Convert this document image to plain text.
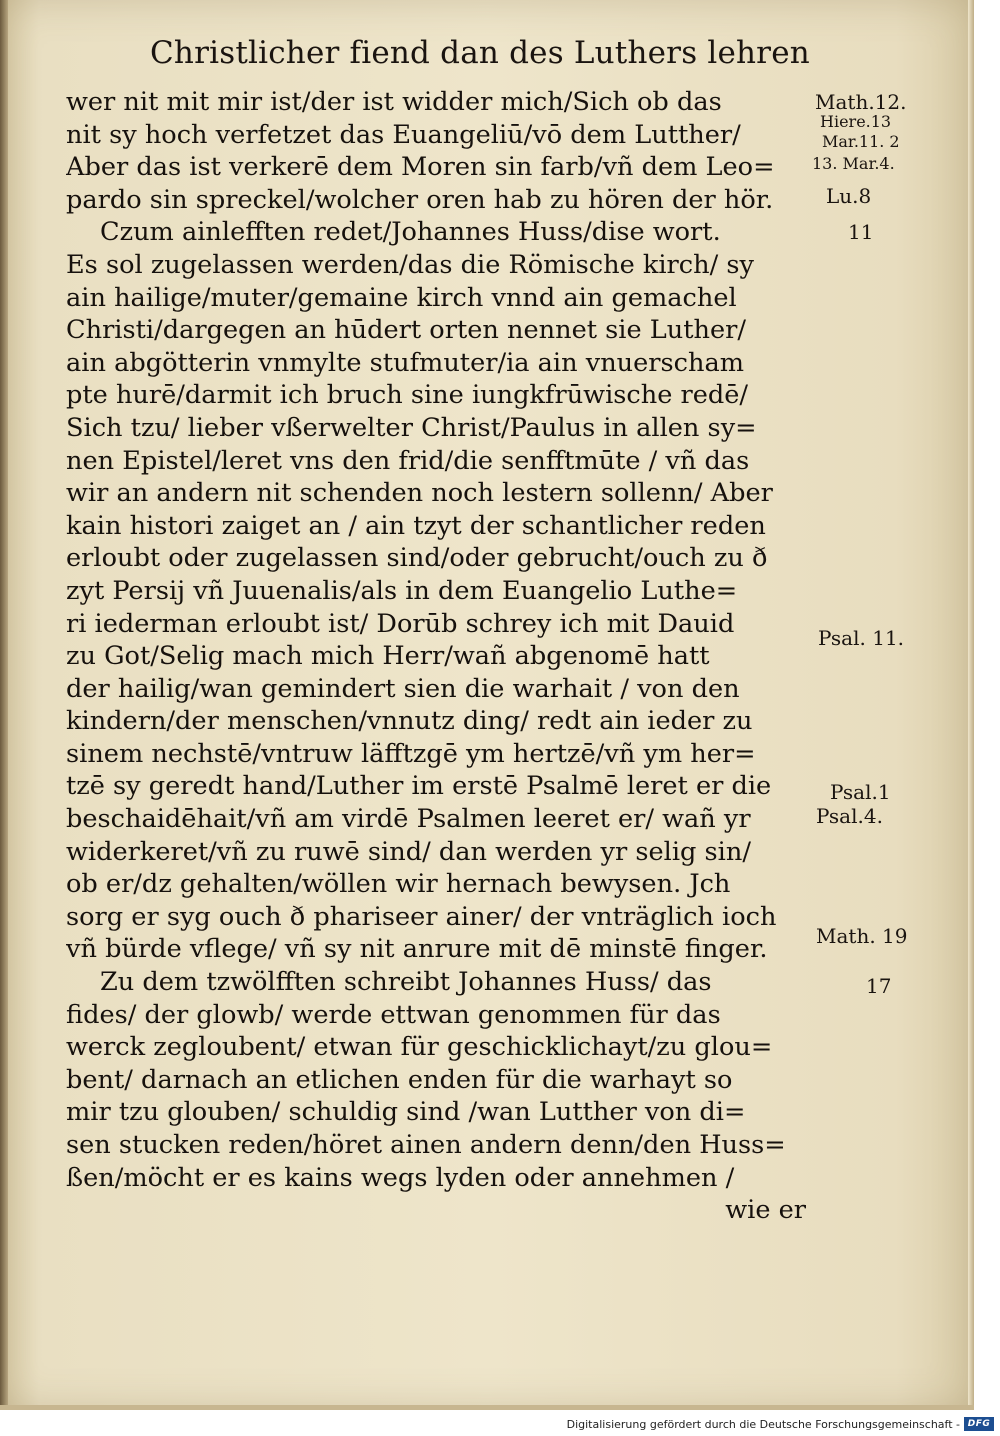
Christlicher fiend dan des Luthers lehren
wer nit mit mir ist/der ist widder mich/Sich ob das
nit sy hoch verfetzet das Euangeliū/vō dem Lutther/
Aber das ist verkerē dem Moren sin farb/vñ dem Leo=
pardo sin spreckel/wolcher oren hab zu hören der hör.
Czum ainlefften redet/Johannes Huss/dise wort.
Es sol zugelassen werden/das die Römische kirch/ sy
ain hailige/muter/gemaine kirch vnnd ain gemachel
Christi/dargegen an hūdert orten nennet sie Luther/
ain abgötterin vnmylte stufmuter/ia ain vnuerscham
pte hurē/darmit ich bruch sine iungkfrūwische redē/
Sich tzu/ lieber vßerwelter Christ/Paulus in allen sy=
nen Epistel/leret vns den frid/die senfftmūte / vñ das
wir an andern nit schenden noch lestern sollenn/ Aber
kain histori zaiget an / ain tzyt der schantlicher reden
erloubt oder zugelassen sind/oder gebrucht/ouch zu ð
zyt Persij vñ Juuenalis/als in dem Euangelio Luthe=
ri iederman erloubt ist/ Dorūb schrey ich mit Dauid
zu Got/Selig mach mich Herr/wañ abgenomē hatt
der hailig/wan gemindert sien die warhait / von den
kindern/der menschen/vnnutz ding/ redt ain ieder zu
sinem nechstē/vntruw läfftzgē ym hertzē/vñ ym her=
tzē sy geredt hand/Luther im erstē Psalmē leret er die
beschaidēhait/vñ am virdē Psalmen leeret er/ wañ yr
widerkeret/vñ zu ruwē sind/ dan werden yr selig sin/
ob er/dz gehalten/wöllen wir hernach bewysen. Jch
sorg er syg ouch ð phariseer ainer/ der vnträglich ioch
vñ bürde vflege/ vñ sy nit anrure mit dē minstē finger.
Zu dem tzwölfften schreibt Johannes Huss/ das
fides/ der glowb/ werde ettwan genommen für das
werck zegloubent/ etwan für geschicklichayt/zu glou=
bent/ darnach an etlichen enden für die warhayt so
mir tzu glouben/ schuldig sind /wan Lutther von di=
sen stucken reden/höret ainen andern denn/den Huss=
ßen/möcht er es kains wegs lyden oder annehmen /
wie er
Math.12.
Hiere.13
Mar.11. 2
13. Mar.4.
Lu.8
11
Psal. 11.
Psal.1
Psal.4.
Math. 19
17
Digitalisierung gefördert durch die Deutsche Forschungsgemeinschaft - DFG
